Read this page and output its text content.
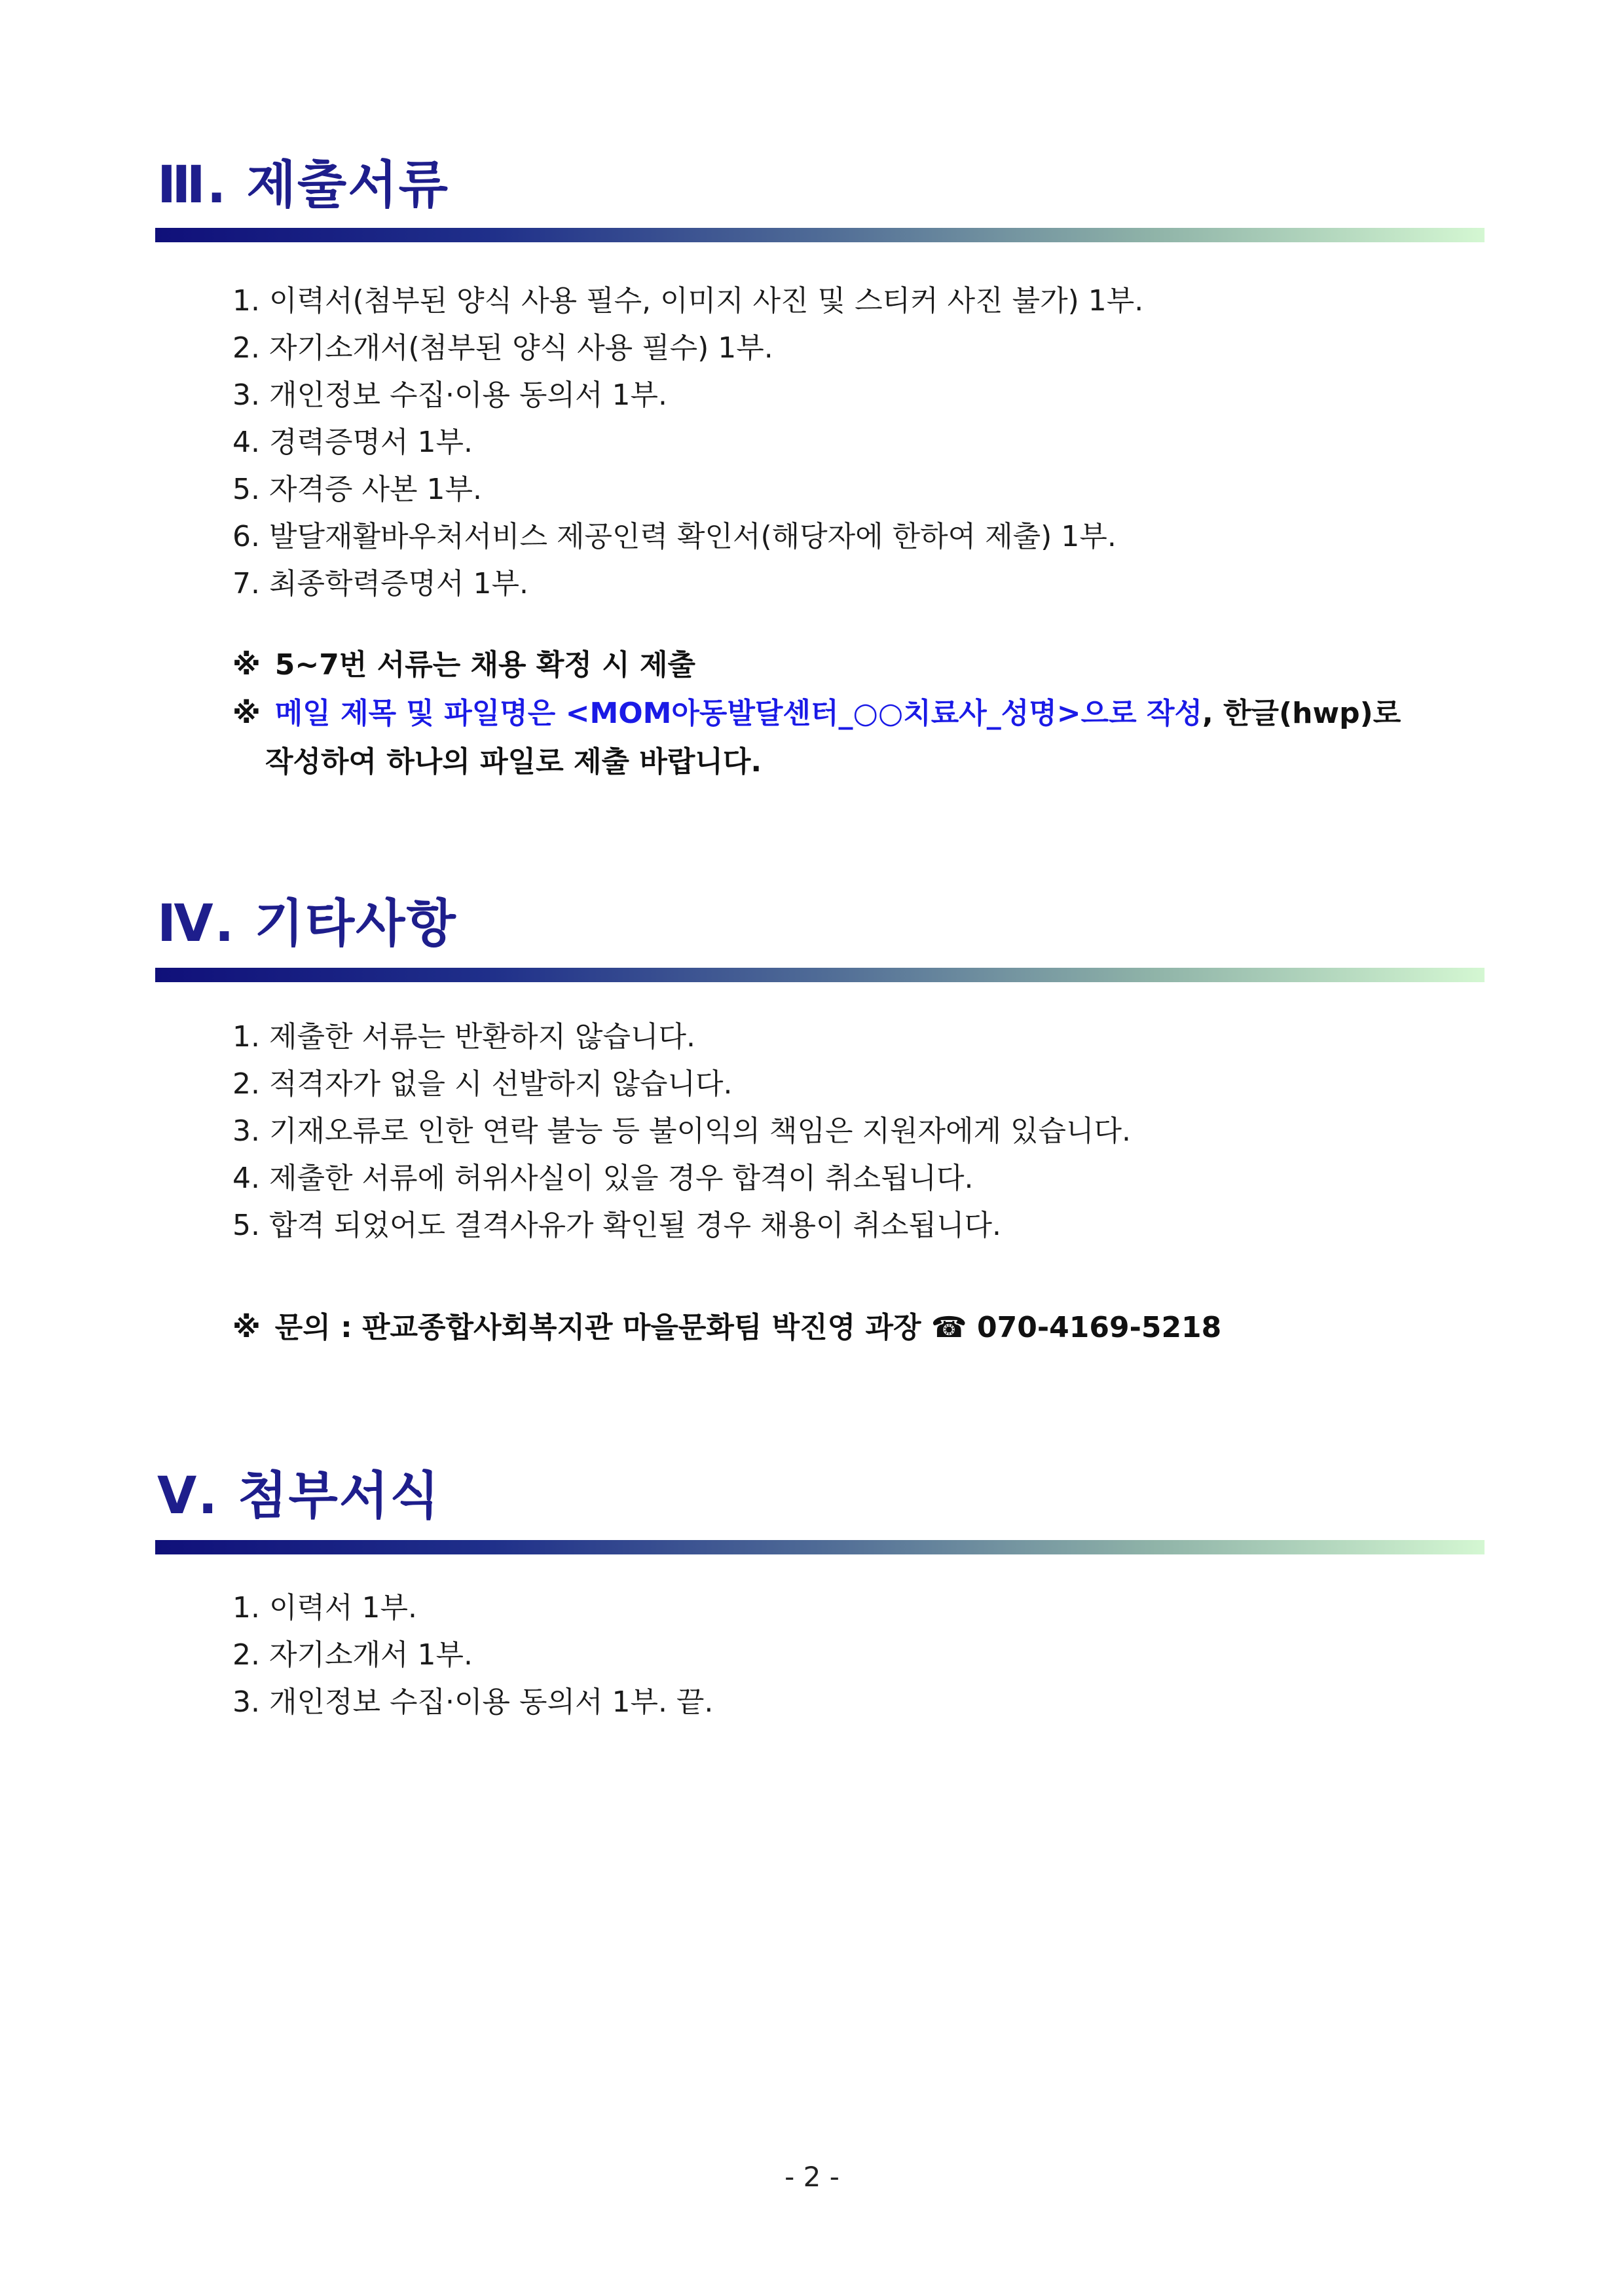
Ⅲ. 제출서류
1. 이력서(첨부된 양식 사용 필수, 이미지 사진 및 스티커 사진 불가) 1부.
2. 자기소개서(첨부된 양식 사용 필수) 1부.
3. 개인정보 수집·이용 동의서 1부.
4. 경력증명서 1부.
5. 자격증 사본 1부.
6. 발달재활바우처서비스 제공인력 확인서(해당자에 한하여 제출) 1부.
7. 최종학력증명서 1부.
※ 5~7번 서류는 채용 확정 시 제출
※ 메일 제목 및 파일명은 <MOM아동발달센터_○○치료사_성명>으로 작성, 한글(hwp)로
작성하여 하나의 파일로 제출 바랍니다.
Ⅳ. 기타사항
1. 제출한 서류는 반환하지 않습니다.
2. 적격자가 없을 시 선발하지 않습니다.
3. 기재오류로 인한 연락 불능 등 불이익의 책임은 지원자에게 있습니다.
4. 제출한 서류에 허위사실이 있을 경우 합격이 취소됩니다.
5. 합격 되었어도 결격사유가 확인될 경우 채용이 취소됩니다.
※ 문의 : 판교종합사회복지관 마을문화팀 박진영 과장 ☎ 070-4169-5218
Ⅴ. 첨부서식
1. 이력서 1부.
2. 자기소개서 1부.
3. 개인정보 수집·이용 동의서 1부. 끝.
- 2 -
